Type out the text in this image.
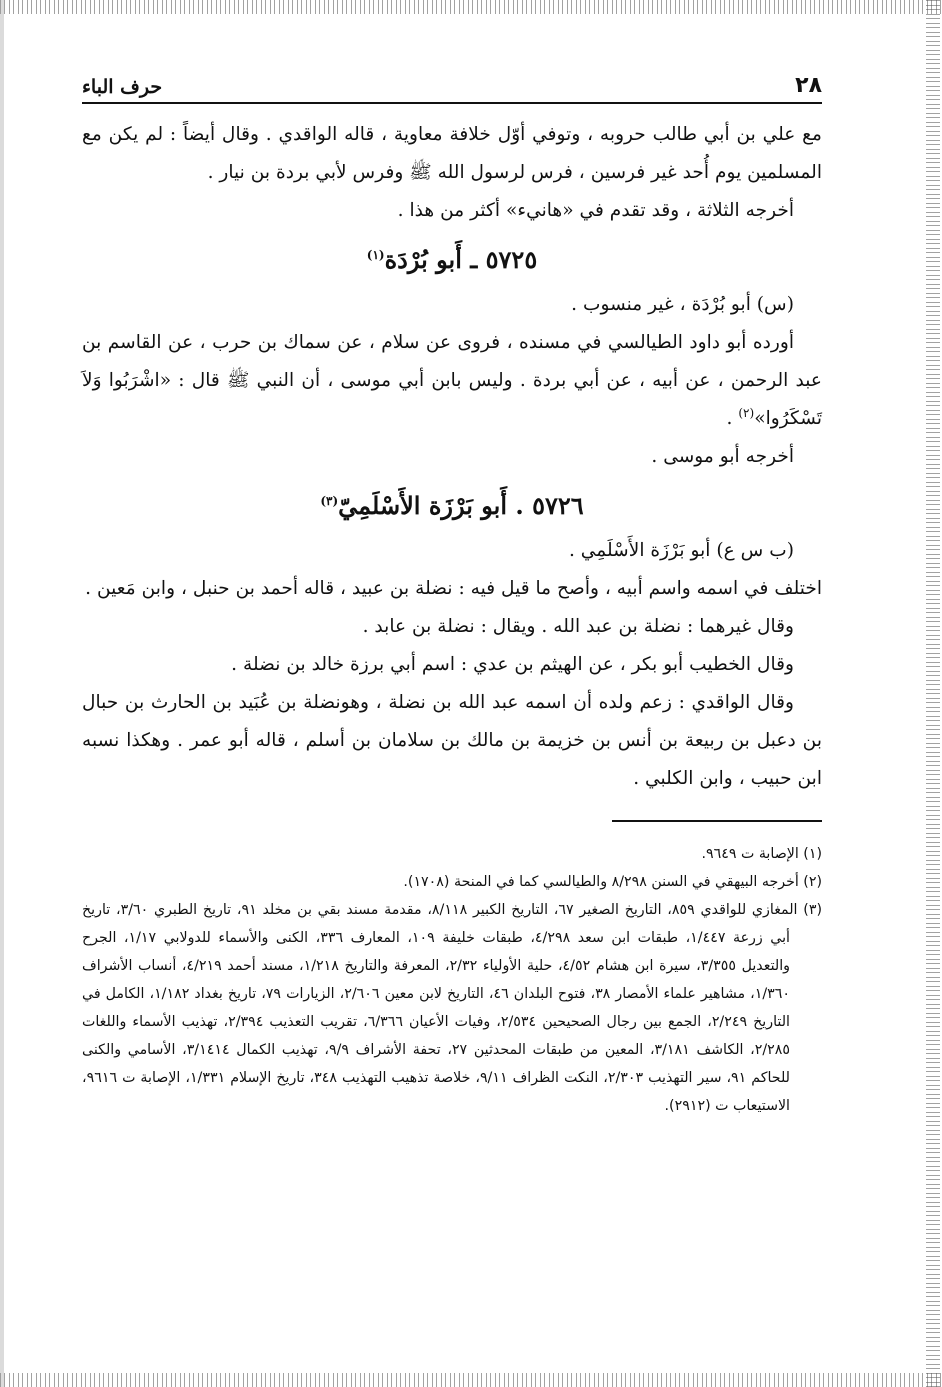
٢٨
حرف الباء

مع علي بن أبي طالب حروبه ، وتوفي أوّل خلافة معاوية ، قاله الواقدي . وقال أيضاً : لم يكن مع المسلمين يوم أُحد غير فرسين ، فرس لرسول الله ﷺ وفرس لأبي بردة بن نيار .

أخرجه الثلاثة ، وقد تقدم في «هانيء» أكثر من هذا .

٥٧٢٥ ـ أَبو بُرْدَة$^{(١)}$

(س) أبو بُرْدَة ، غير منسوب .

أورده أبو داود الطيالسي في مسنده ، فروى عن سلام ، عن سماك بن حرب ، عن القاسم بن عبد الرحمن ، عن أبيه ، عن أبي بردة . وليس بابن أبي موسى ، أن النبي ﷺ قال : «اشْرَبُوا وَلاَ تَسْكَرُوا»$^{(٢)}$ .

أخرجه أبو موسى .

٥٧٢٦ . أَبو بَرْزَة الأَسْلَمِيّ$^{(٣)}$

(ب س ع) أبو بَرْزَة الأَسْلَمِي .

اختلف في اسمه واسم أبيه ، وأصح ما قيل فيه : نضلة بن عبيد ، قاله أحمد بن حنبل ، وابن مَعين .

وقال غيرهما : نضلة بن عبد الله . ويقال : نضلة بن عابد .

وقال الخطيب أبو بكر ، عن الهيثم بن عدي : اسم أبي برزة خالد بن نضلة .

وقال الواقدي : زعم ولده أن اسمه عبد الله بن نضلة ، وهونضلة بن عُبَيد بن الحارث بن حبال بن دعبل بن ربيعة بن أنس بن خزيمة بن مالك بن سلامان بن أسلم ، قاله أبو عمر . وهكذا نسبه ابن حبيب ، وابن الكلبي .

(١) الإصابة ت ٩٦٤٩.
(٢) أخرجه البيهقي في السنن ٨/٢٩٨ والطيالسي كما في المنحة (١٧٠٨).
(٣) المغازي للواقدي ٨٥٩، التاريخ الصغير ٦٧، التاريخ الكبير ٨/١١٨، مقدمة مسند بقي بن مخلد ٩١، تاريخ الطبري ٣/٦٠، تاريخ أبي زرعة ١/٤٤٧، طبقات ابن سعد ٤/٢٩٨، طبقات خليفة ١٠٩، المعارف ٣٣٦، الكنى والأسماء للدولابي ١/١٧، الجرح والتعديل ٣/٣٥٥، سيرة ابن هشام ٤/٥٢، حلية الأولياء ٢/٣٢، المعرفة والتاريخ ١/٢١٨، مسند أحمد ٤/٢١٩، أنساب الأشراف ١/٣٦٠، مشاهير علماء الأمصار ٣٨، فتوح البلدان ٤٦، التاريخ لابن معين ٢/٦٠٦، الزيارات ٧٩، تاريخ بغداد ١/١٨٢، الكامل في التاريخ ٢/٢٤٩، الجمع بين رجال الصحيحين ٢/٥٣٤، وفيات الأعيان ٦/٣٦٦، تقريب التعذيب ٢/٣٩٤، تهذيب الأسماء واللغات ٢/٢٨٥، الكاشف ٣/١٨١، المعين من طبقات المحدثين ٢٧، تحفة الأشراف ٩/٩، تهذيب الكمال ٣/١٤١٤، الأسامي والكنى للحاكم ٩١، سير التهذيب ٢/٣٠٣، النكت الظراف ٩/١١، خلاصة تذهيب التهذيب ٣٤٨، تاريخ الإسلام ١/٣٣١، الإصابة ت ٩٦١٦، الاستيعاب ت (٢٩١٢).
